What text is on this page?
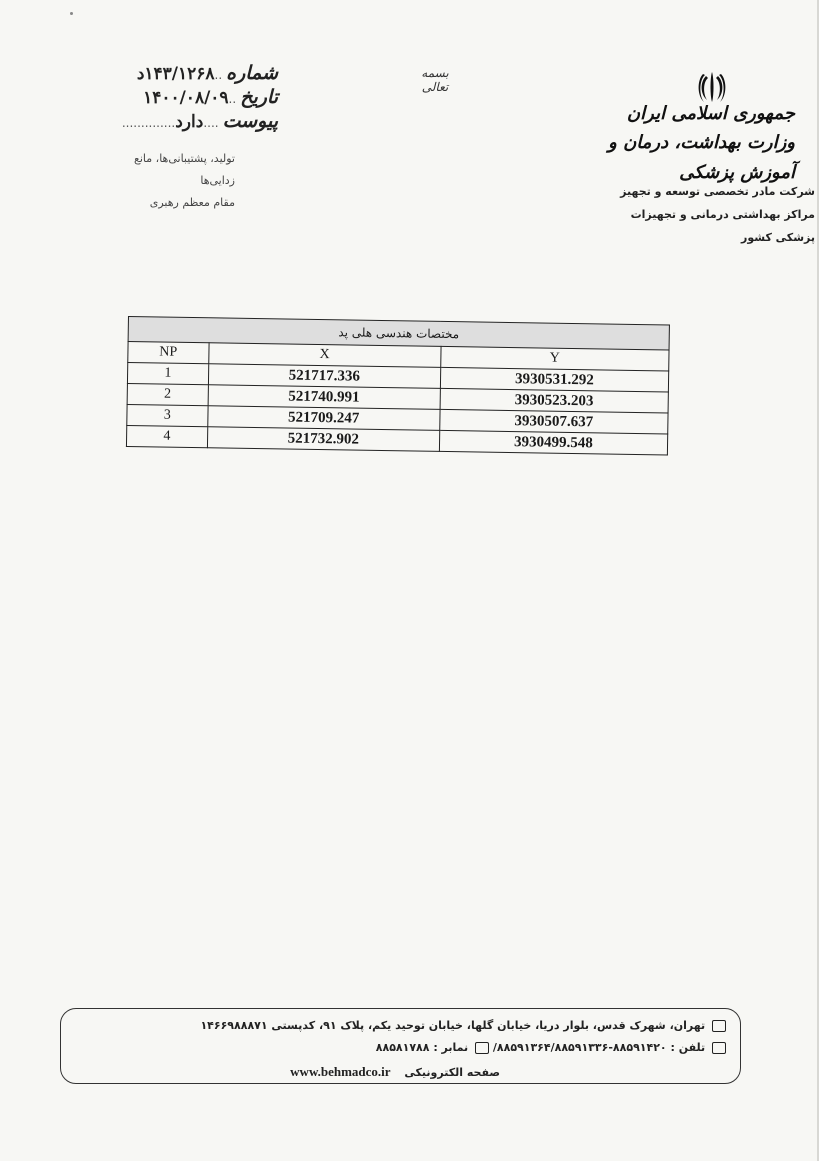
شماره
..
۱۴۳/۱۲۶۸د
تاریخ
..
۱۴۰۰/۰۸/۰۹
پیوست
....
دارد
..............
تولید، پشتیبانی‌ها، مانع زدایی‌ها
مقام معظم رهبری
بسمه تعالی
جمهوری اسلامی ایران
وزارت بهداشت، درمان و آموزش پزشکی
شرکت مادر تخصصی توسعه و تجهیز
مراکز بهداشتی درمانی و تجهیزات پزشکی کشور
مختصات هندسی هلی پد		
NP	X	Y
1	521717.336	3930531.292
2	521740.991	3930523.203
3	521709.247	3930507.637
4	521732.902	3930499.548
تهران، شهرک قدس، بلوار دریا، خیابان گلها، خیابان توحید یکم، پلاک ۹۱، کدپستی ۱۴۶۶۹۸۸۸۷۱
تلفن : ۸۸۵۹۱۴۲۰-۸۸۵۹۱۳۶۴/۸۸۵۹۱۳۳۶/  نمابر : ۸۸۵۸۱۷۸۸
صفحه الکترونیکی www.behmadco.ir
